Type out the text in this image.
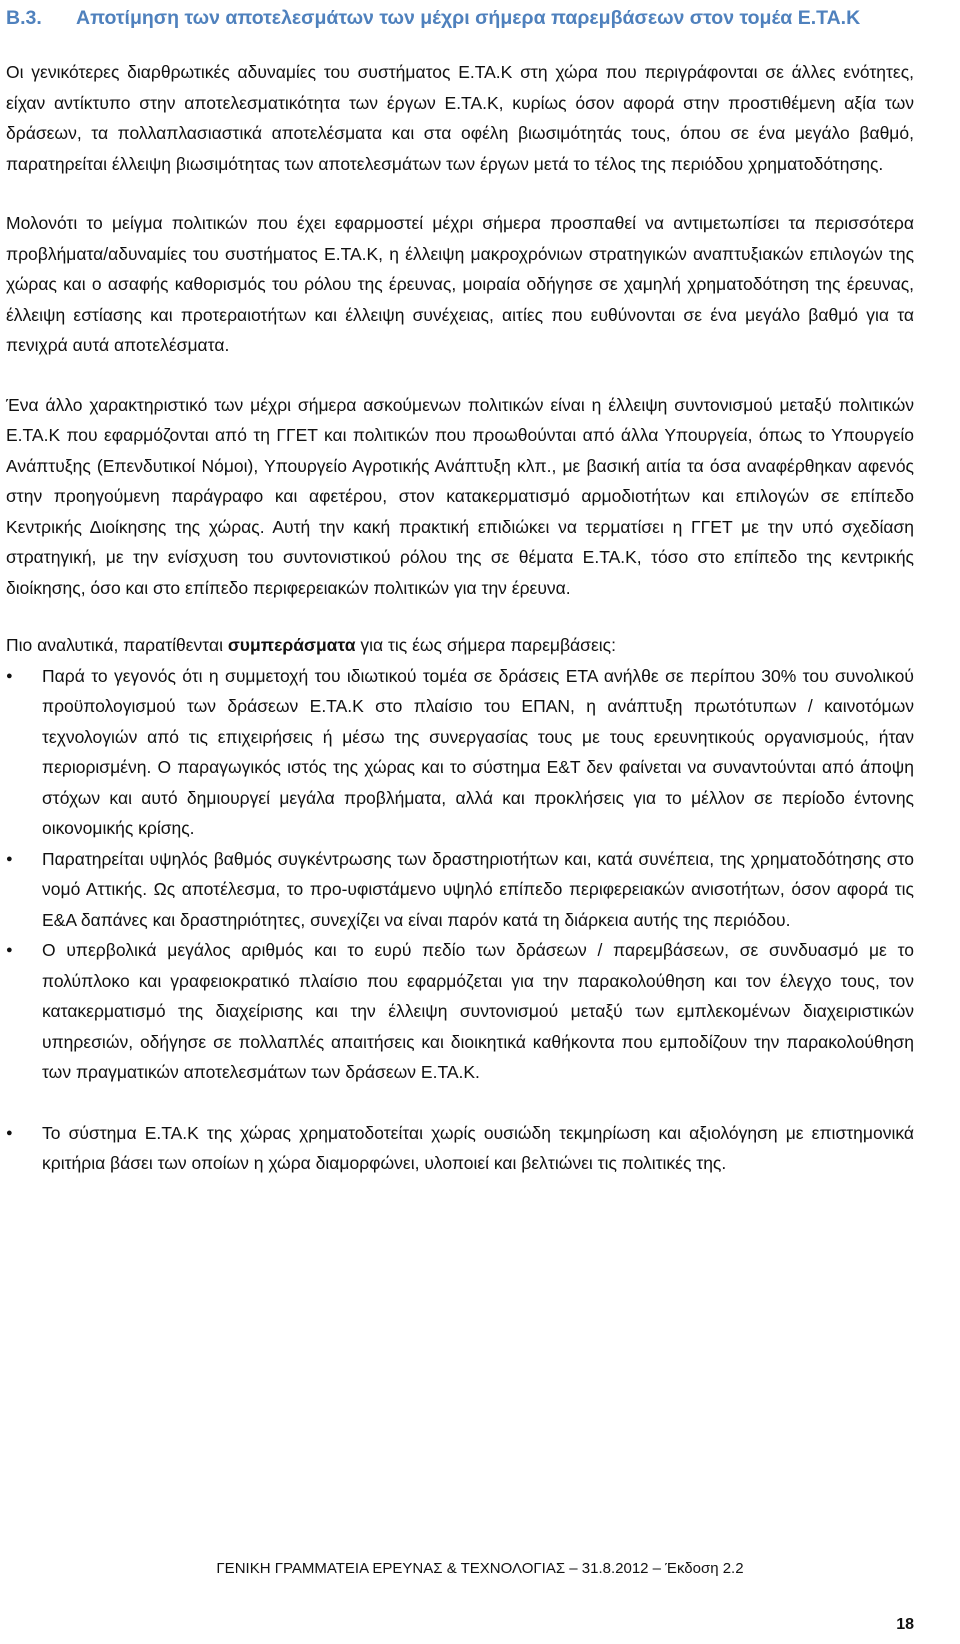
Β.3. Αποτίμηση των αποτελεσμάτων των μέχρι σήμερα παρεμβάσεων στον τομέα Ε.ΤΑ.Κ

Οι γενικότερες διαρθρωτικές αδυναμίες του συστήματος Ε.ΤΑ.Κ στη χώρα που περιγράφονται σε άλλες ενότητες, είχαν αντίκτυπο στην αποτελεσματικότητα των έργων Ε.ΤΑ.Κ, κυρίως όσον αφορά στην προστιθέμενη αξία των δράσεων, τα πολλαπλασιαστικά αποτελέσματα και στα οφέλη βιωσιμότητάς τους, όπου σε ένα μεγάλο βαθμό, παρατηρείται έλλειψη βιωσιμότητας των αποτελεσμάτων των έργων μετά το τέλος της περιόδου χρηματοδότησης.

Μολονότι το μείγμα πολιτικών που έχει εφαρμοστεί μέχρι σήμερα προσπαθεί να αντιμετωπίσει τα περισσότερα προβλήματα/αδυναμίες του συστήματος Ε.ΤΑ.Κ, η έλλειψη μακροχρόνιων στρατηγικών αναπτυξιακών επιλογών της χώρας και ο ασαφής καθορισμός του ρόλου της έρευνας, μοιραία οδήγησε σε χαμηλή χρηματοδότηση της έρευνας, έλλειψη εστίασης και προτεραιοτήτων και έλλειψη συνέχειας, αιτίες που ευθύνονται σε ένα μεγάλο βαθμό για τα πενιχρά αυτά αποτελέσματα.

Ένα άλλο χαρακτηριστικό των μέχρι σήμερα ασκούμενων πολιτικών είναι η έλλειψη συντονισμού μεταξύ πολιτικών Ε.ΤΑ.Κ που εφαρμόζονται από τη ΓΓΕΤ και πολιτικών που προωθούνται από άλλα Υπουργεία, όπως το Υπουργείο Ανάπτυξης (Επενδυτικοί Νόμοι), Υπουργείο Αγροτικής Ανάπτυξη κλπ., με βασική αιτία τα όσα αναφέρθηκαν αφενός στην προηγούμενη παράγραφο και αφετέρου, στον κατακερματισμό αρμοδιοτήτων και επιλογών σε επίπεδο Κεντρικής Διοίκησης της χώρας. Αυτή την κακή πρακτική επιδιώκει να τερματίσει η ΓΓΕΤ με την υπό σχεδίαση στρατηγική, με την ενίσχυση του συντονιστικού ρόλου της σε θέματα Ε.ΤΑ.Κ, τόσο στο επίπεδο της κεντρικής διοίκησης, όσο και στο επίπεδο περιφερειακών πολιτικών για την έρευνα.

Πιο αναλυτικά, παρατίθενται συμπεράσματα για τις έως σήμερα παρεμβάσεις:

● Παρά το γεγονός ότι η συμμετοχή του ιδιωτικού τομέα σε δράσεις ΕΤΑ ανήλθε σε περίπου 30% του συνολικού προϋπολογισμού των δράσεων Ε.ΤΑ.Κ στο πλαίσιο του ΕΠΑΝ, η ανάπτυξη πρωτότυπων / καινοτόμων τεχνολογιών από τις επιχειρήσεις ή μέσω της συνεργασίας τους με τους ερευνητικούς οργανισμούς, ήταν περιορισμένη. Ο παραγωγικός ιστός της χώρας και το σύστημα Ε&Τ δεν φαίνεται να συναντούνται από άποψη στόχων και αυτό δημιουργεί μεγάλα προβλήματα, αλλά και προκλήσεις για το μέλλον σε περίοδο έντονης οικονομικής κρίσης.
● Παρατηρείται υψηλός βαθμός συγκέντρωσης των δραστηριοτήτων και, κατά συνέπεια, της χρηματοδότησης στο νομό Αττικής. Ως αποτέλεσμα, το προ-υφιστάμενο υψηλό επίπεδο περιφερειακών ανισοτήτων, όσον αφορά τις Ε&Α δαπάνες και δραστηριότητες, συνεχίζει να είναι παρόν κατά τη διάρκεια αυτής της περιόδου.
● Ο υπερβολικά μεγάλος αριθμός και το ευρύ πεδίο των δράσεων / παρεμβάσεων, σε συνδυασμό με το πολύπλοκο και γραφειοκρατικό πλαίσιο που εφαρμόζεται για την παρακολούθηση και τον έλεγχο τους, τον κατακερματισμό της διαχείρισης και την έλλειψη συντονισμού μεταξύ των εμπλεκομένων διαχειριστικών υπηρεσιών, οδήγησε σε πολλαπλές απαιτήσεις και διοικητικά καθήκοντα που εμποδίζουν την παρακολούθηση των πραγματικών αποτελεσμάτων των δράσεων Ε.ΤΑ.Κ.
● Το σύστημα Ε.ΤΑ.Κ της χώρας χρηματοδοτείται χωρίς ουσιώδη τεκμηρίωση και αξιολόγηση με επιστημονικά κριτήρια βάσει των οποίων η χώρα διαμορφώνει, υλοποιεί και βελτιώνει τις πολιτικές της.
ΓΕΝΙΚΗ ΓΡΑΜΜΑΤΕΙΑ ΕΡΕΥΝΑΣ & ΤΕΧΝΟΛΟΓΙΑΣ – 31.8.2012 – Έκδοση 2.2
18
